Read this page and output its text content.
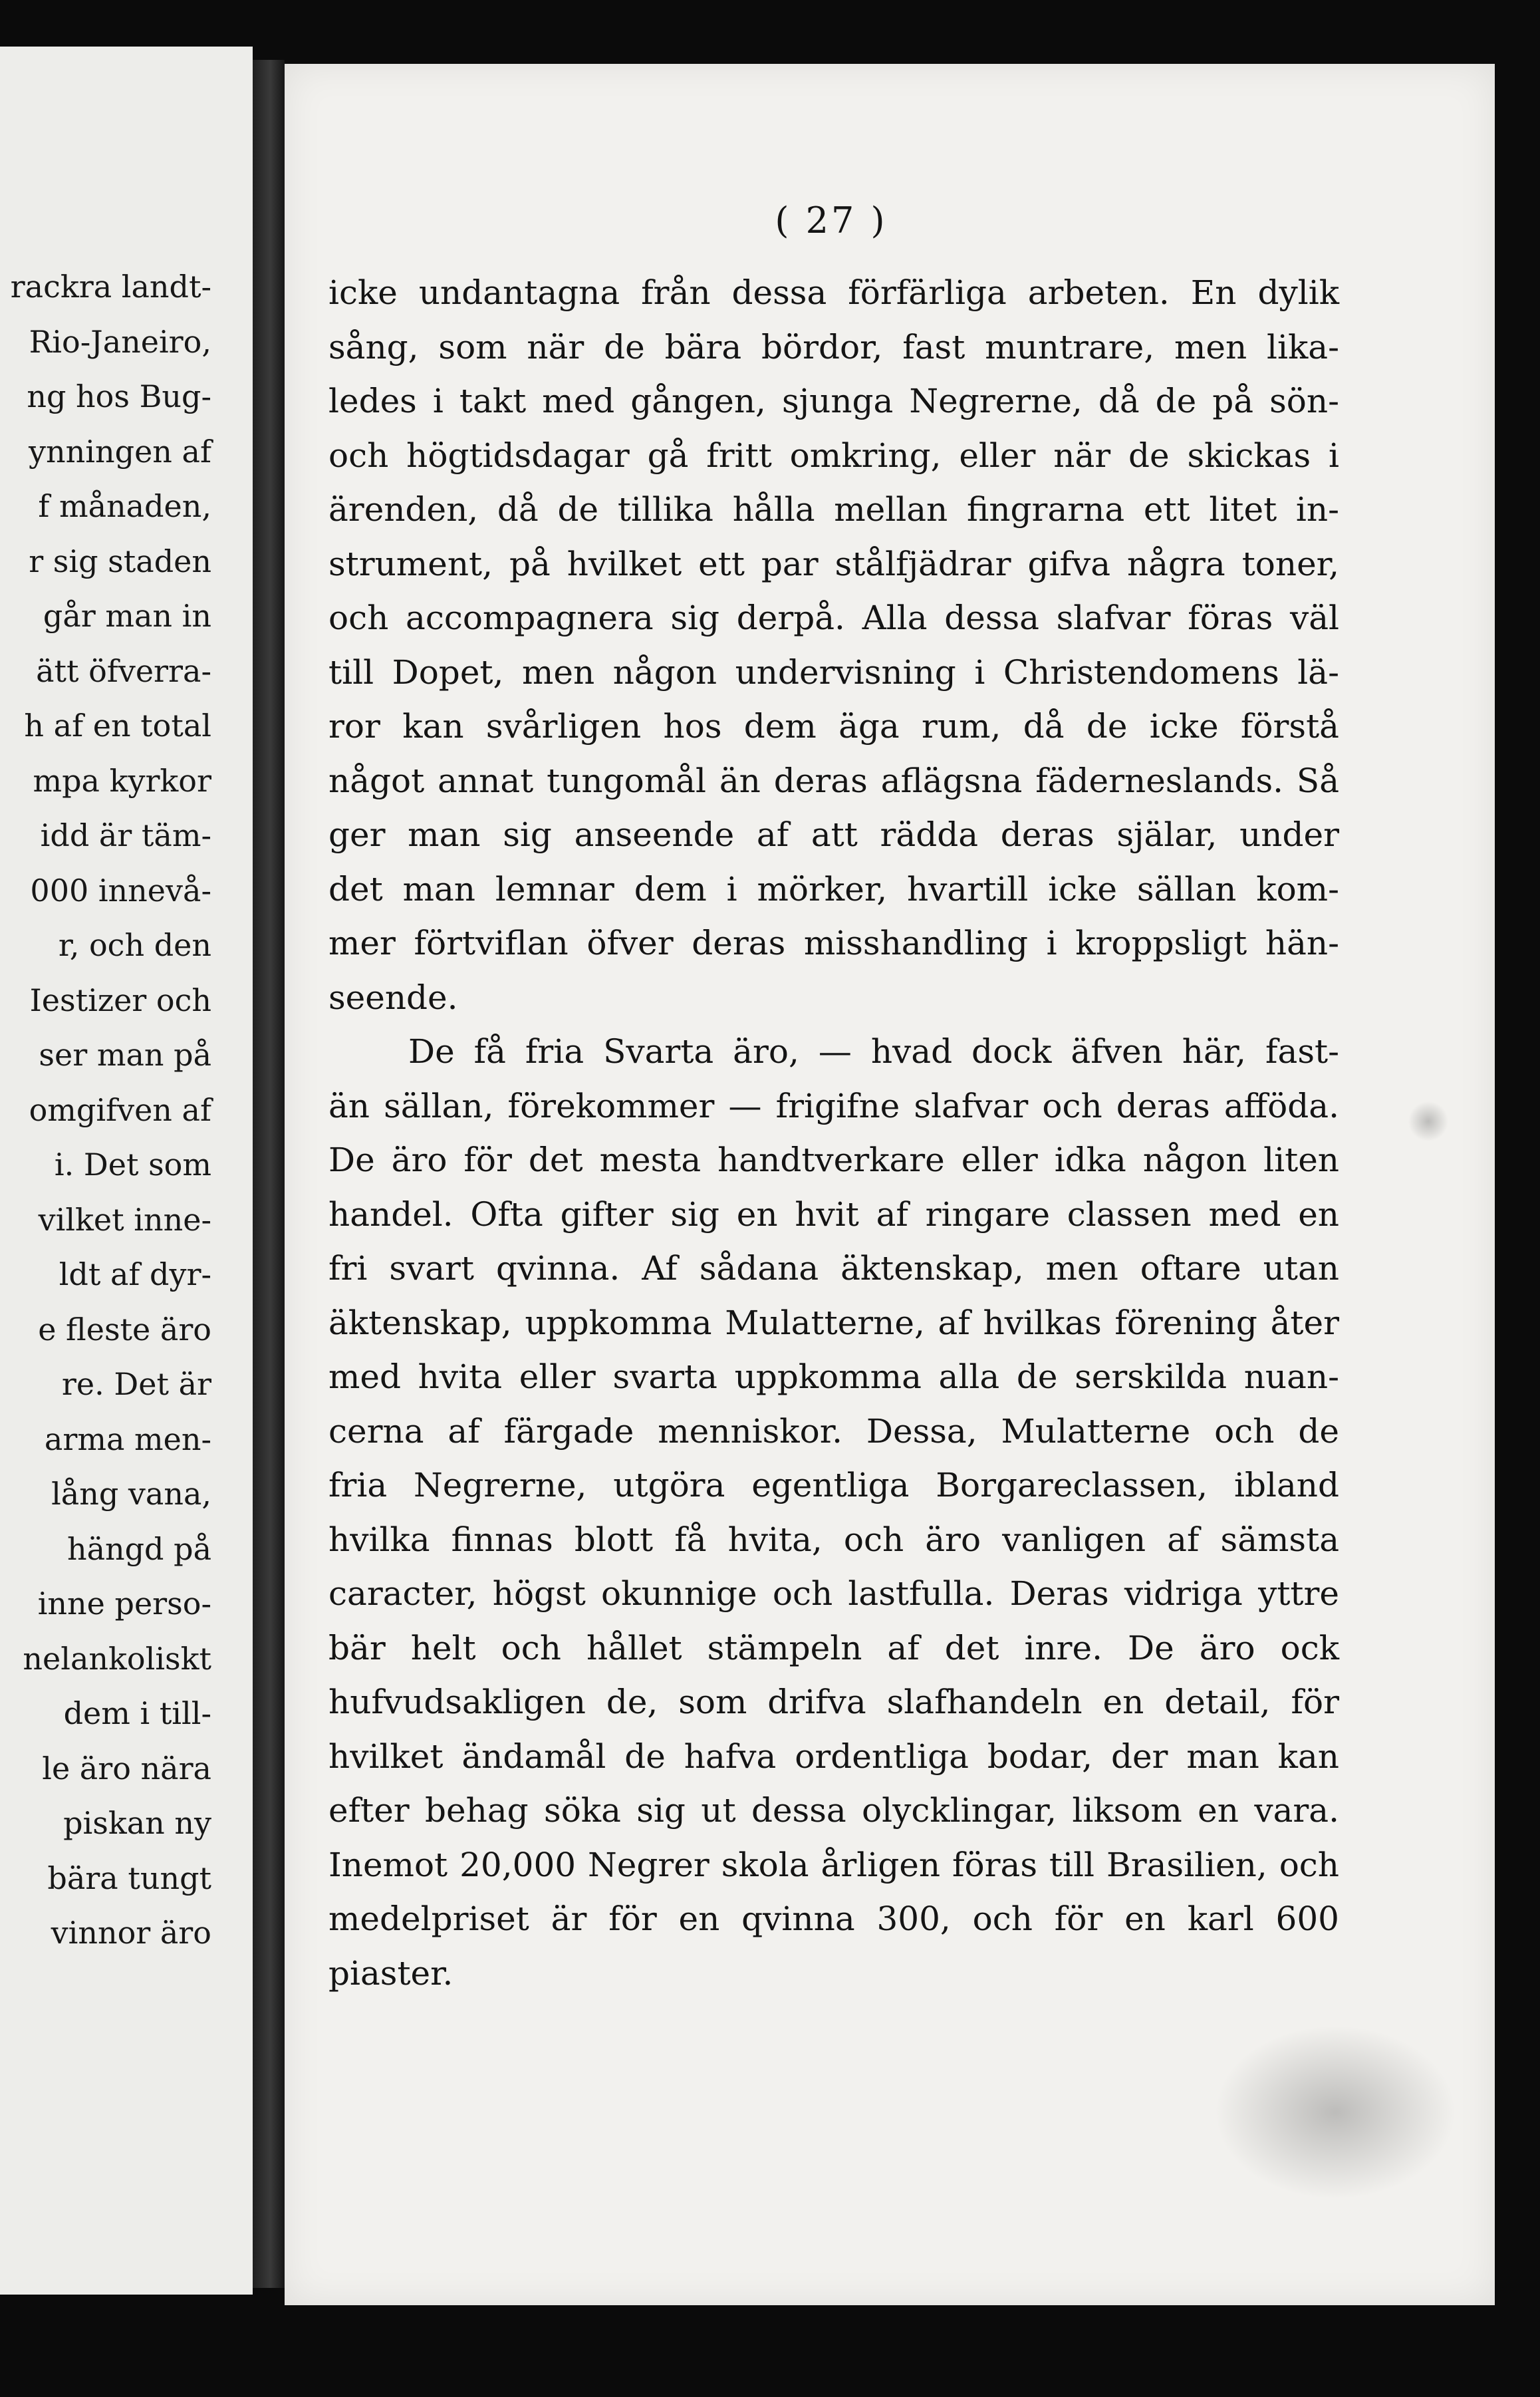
rackra landt-
Rio-Janeiro,
ng hos Bug-
ynningen af
f månaden,
r sig staden
går man in
ätt öfverra-
h af en total
mpa kyrkor
idd är täm-
000 innevå-
r, och den
Iestizer och
ser man på
omgifven af
i. Det som
vilket inne-
ldt af dyr-
e fleste äro
re. Det är
arma men-
lång vana,
hängd på
inne perso-
nelankoliskt
dem i till-
le äro nära
piskan ny
bära tungt
vinnor äro
( 27 )
icke undantagna från dessa förfärliga arbeten. En dylik
sång, som när de bära bördor, fast muntrare, men lika-
ledes i takt med gången, sjunga Negrerne, då de på sön-
och högtidsdagar gå fritt omkring, eller när de skickas i
ärenden, då de tillika hålla mellan fingrarna ett litet in-
strument, på hvilket ett par stålfjädrar gifva några toner,
och accompagnera sig derpå. Alla dessa slafvar föras väl
till Dopet, men någon undervisning i Christendomens lä-
ror kan svårligen hos dem äga rum, då de icke förstå
något annat tungomål än deras aflägsna fäderneslands. Så
ger man sig anseende af att rädda deras själar, under
det man lemnar dem i mörker, hvartill icke sällan kom-
mer förtviflan öfver deras misshandling i kroppsligt hän-
seende.
De få fria Svarta äro, — hvad dock äfven här, fast-
än sällan, förekommer — frigifne slafvar och deras afföda.
De äro för det mesta handtverkare eller idka någon liten
handel. Ofta gifter sig en hvit af ringare classen med en
fri svart qvinna. Af sådana äktenskap, men oftare utan
äktenskap, uppkomma Mulatterne, af hvilkas förening åter
med hvita eller svarta uppkomma alla de serskilda nuan-
cerna af färgade menniskor. Dessa, Mulatterne och de
fria Negrerne, utgöra egentliga Borgareclassen, ibland
hvilka finnas blott få hvita, och äro vanligen af sämsta
caracter, högst okunnige och lastfulla. Deras vidriga yttre
bär helt och hållet stämpeln af det inre. De äro ock
hufvudsakligen de, som drifva slafhandeln en detail, för
hvilket ändamål de hafva ordentliga bodar, der man kan
efter behag söka sig ut dessa olycklingar, liksom en vara.
Inemot 20,000 Negrer skola årligen föras till Brasilien, och
medelpriset är för en qvinna 300, och för en karl 600
piaster.
